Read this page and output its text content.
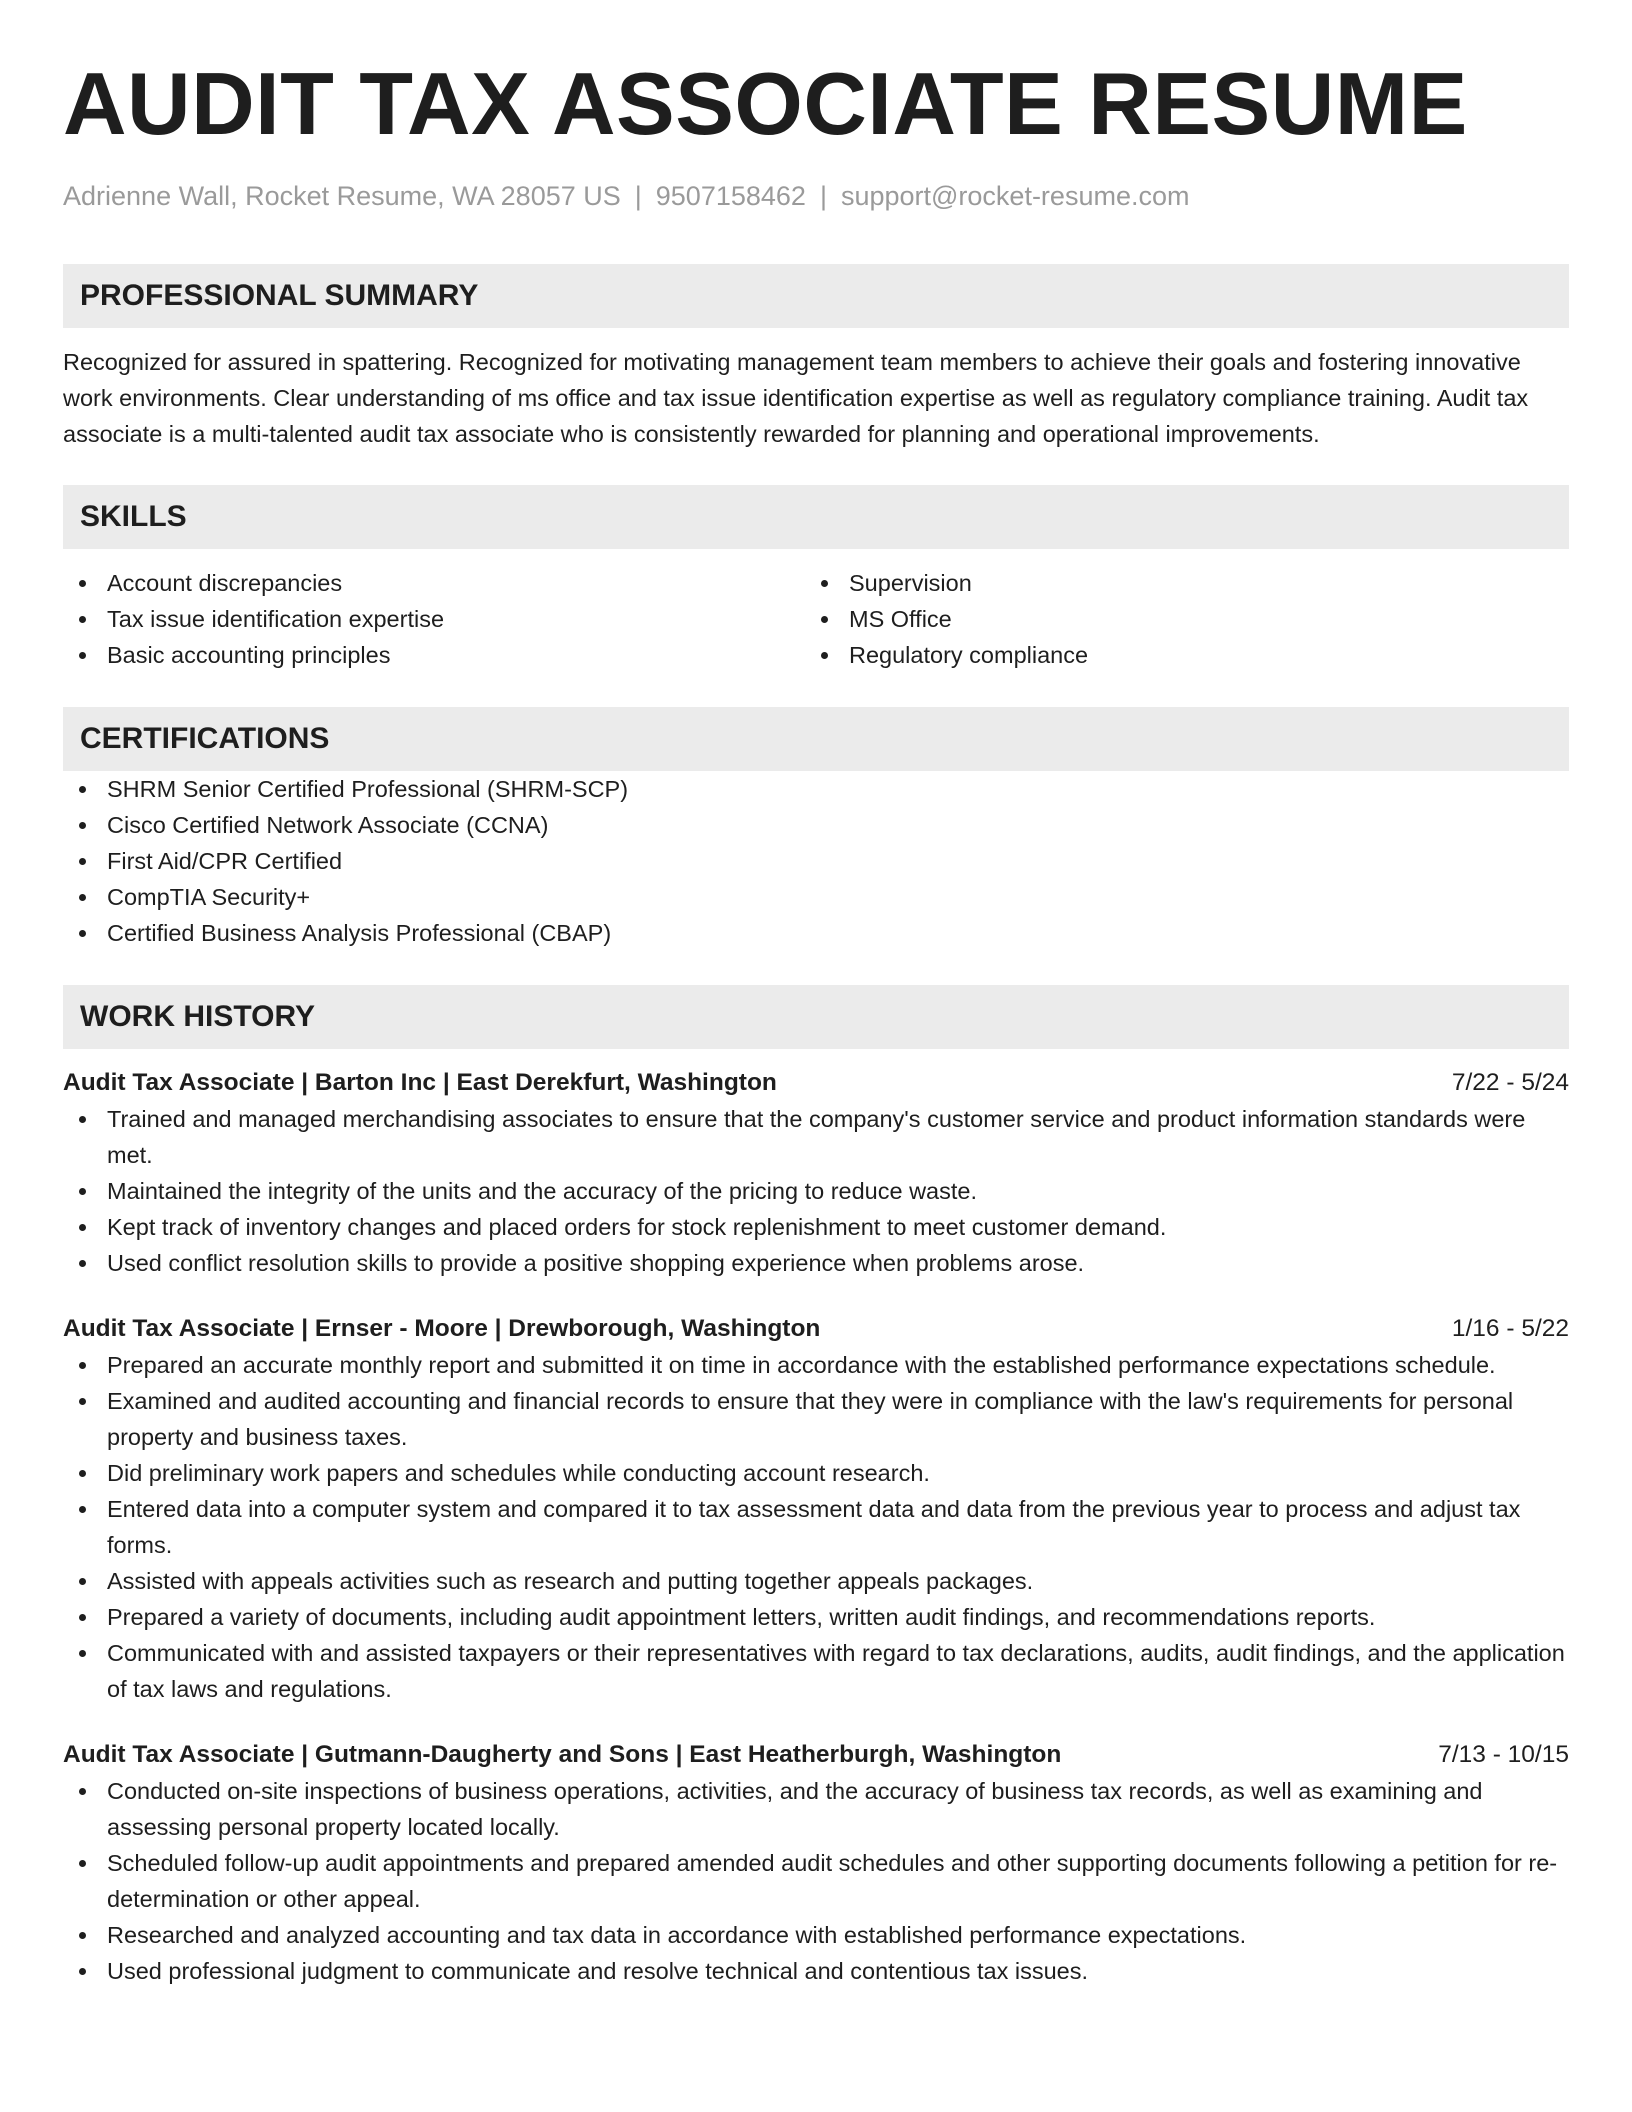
AUDIT TAX ASSOCIATE RESUME
Adrienne Wall, Rocket Resume, WA 28057 US | 9507158462 | support@rocket-resume.com
PROFESSIONAL SUMMARY

Recognized for assured in spattering. Recognized for motivating management team members to achieve their goals and fostering innovative work environments. Clear understanding of ms office and tax issue identification expertise as well as regulatory compliance training. Audit tax associate is a multi-talented audit tax associate who is consistently rewarded for planning and operational improvements.

SKILLS
Account discrepancies
Tax issue identification expertise
Basic accounting principles
Supervision
MS Office
Regulatory compliance
CERTIFICATIONS
SHRM Senior Certified Professional (SHRM-SCP)
Cisco Certified Network Associate (CCNA)
First Aid/CPR Certified
CompTIA Security+
Certified Business Analysis Professional (CBAP)
WORK HISTORY
Audit Tax Associate | Barton Inc | East Derekfurt, Washington	7/22 - 5/24
Trained and managed merchandising associates to ensure that the company's customer service and product information standards were met.
Maintained the integrity of the units and the accuracy of the pricing to reduce waste.
Kept track of inventory changes and placed orders for stock replenishment to meet customer demand.
Used conflict resolution skills to provide a positive shopping experience when problems arose.
Audit Tax Associate | Ernser - Moore | Drewborough, Washington	1/16 - 5/22
Prepared an accurate monthly report and submitted it on time in accordance with the established performance expectations schedule.
Examined and audited accounting and financial records to ensure that they were in compliance with the law's requirements for personal property and business taxes.
Did preliminary work papers and schedules while conducting account research.
Entered data into a computer system and compared it to tax assessment data and data from the previous year to process and adjust tax forms.
Assisted with appeals activities such as research and putting together appeals packages.
Prepared a variety of documents, including audit appointment letters, written audit findings, and recommendations reports.
Communicated with and assisted taxpayers or their representatives with regard to tax declarations, audits, audit findings, and the application of tax laws and regulations.
Audit Tax Associate | Gutmann-Daugherty and Sons | East Heatherburgh, Washington	7/13 - 10/15
Conducted on-site inspections of business operations, activities, and the accuracy of business tax records, as well as examining and assessing personal property located locally.
Scheduled follow-up audit appointments and prepared amended audit schedules and other supporting documents following a petition for re-determination or other appeal.
Researched and analyzed accounting and tax data in accordance with established performance expectations.
Used professional judgment to communicate and resolve technical and contentious tax issues.
